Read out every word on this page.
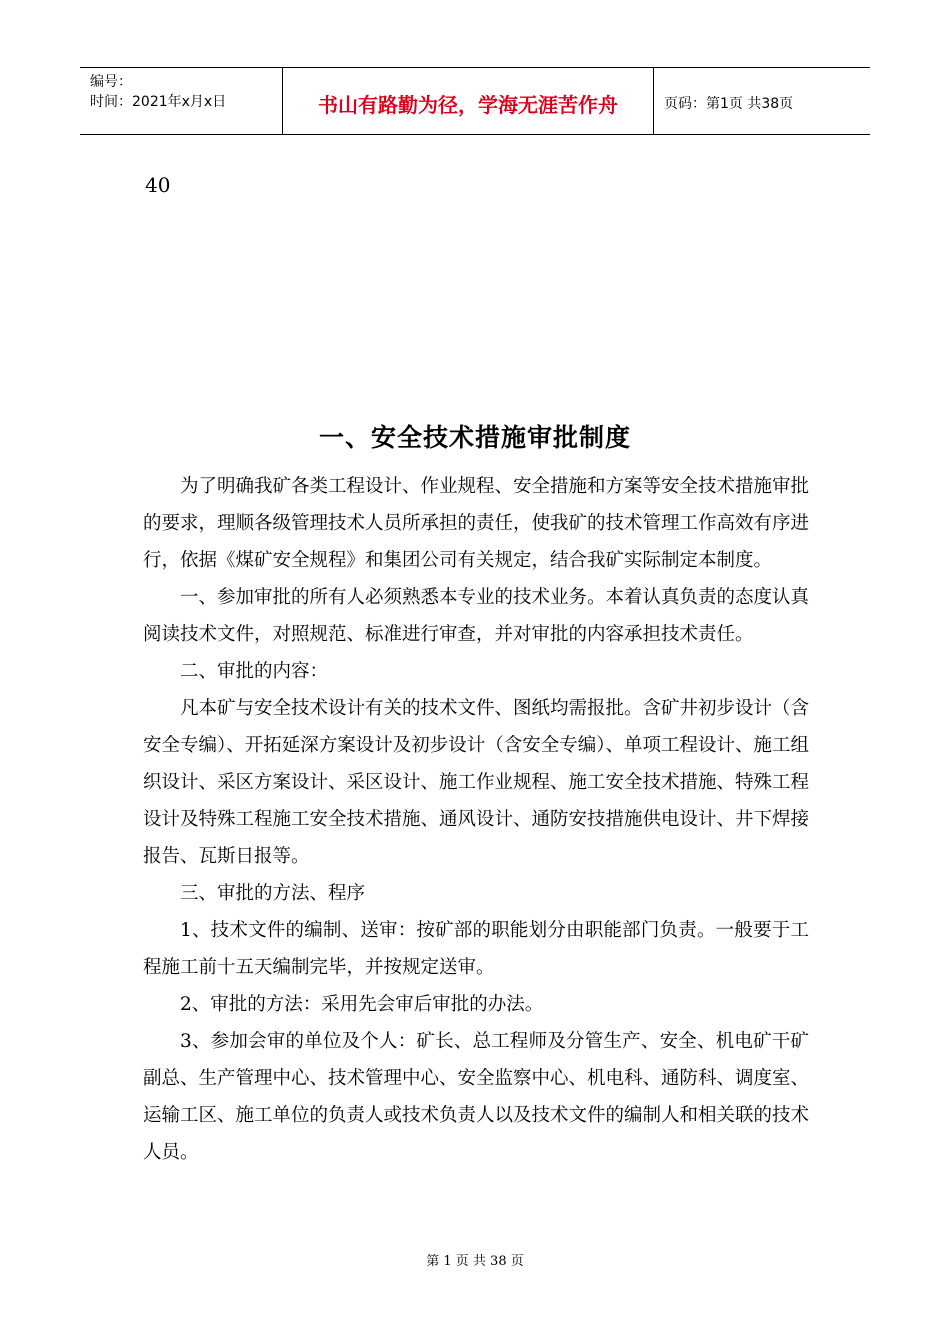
编号：
时间：2021年x月x日	书山有路勤为径，学海无涯苦作舟	页码：第1页 共38页
40
一、安全技术措施审批制度

为了明确我矿各类工程设计、作业规程、安全措施和方案等安全技术措施审批的要求，理顺各级管理技术人员所承担的责任，使我矿的技术管理工作高效有序进行，依据《煤矿安全规程》和集团公司有关规定，结合我矿实际制定本制度。

一、参加审批的所有人必须熟悉本专业的技术业务。本着认真负责的态度认真阅读技术文件，对照规范、标准进行审查，并对审批的内容承担技术责任。

二、审批的内容：

凡本矿与安全技术设计有关的技术文件、图纸均需报批。含矿井初步设计（含安全专编）、开拓延深方案设计及初步设计（含安全专编）、单项工程设计、施工组织设计、采区方案设计、采区设计、施工作业规程、施工安全技术措施、特殊工程设计及特殊工程施工安全技术措施、通风设计、通防安技措施供电设计、井下焊接报告、瓦斯日报等。

三、审批的方法、程序

1、技术文件的编制、送审：按矿部的职能划分由职能部门负责。一般要于工程施工前十五天编制完毕，并按规定送审。

2、审批的方法：采用先会审后审批的办法。

3、参加会审的单位及个人：矿长、总工程师及分管生产、安全、机电矿干矿副总、生产管理中心、技术管理中心、安全监察中心、机电科、通防科、调度室、运输工区、施工单位的负责人或技术负责人以及技术文件的编制人和相关联的技术人员。

第 1 页 共 38 页
